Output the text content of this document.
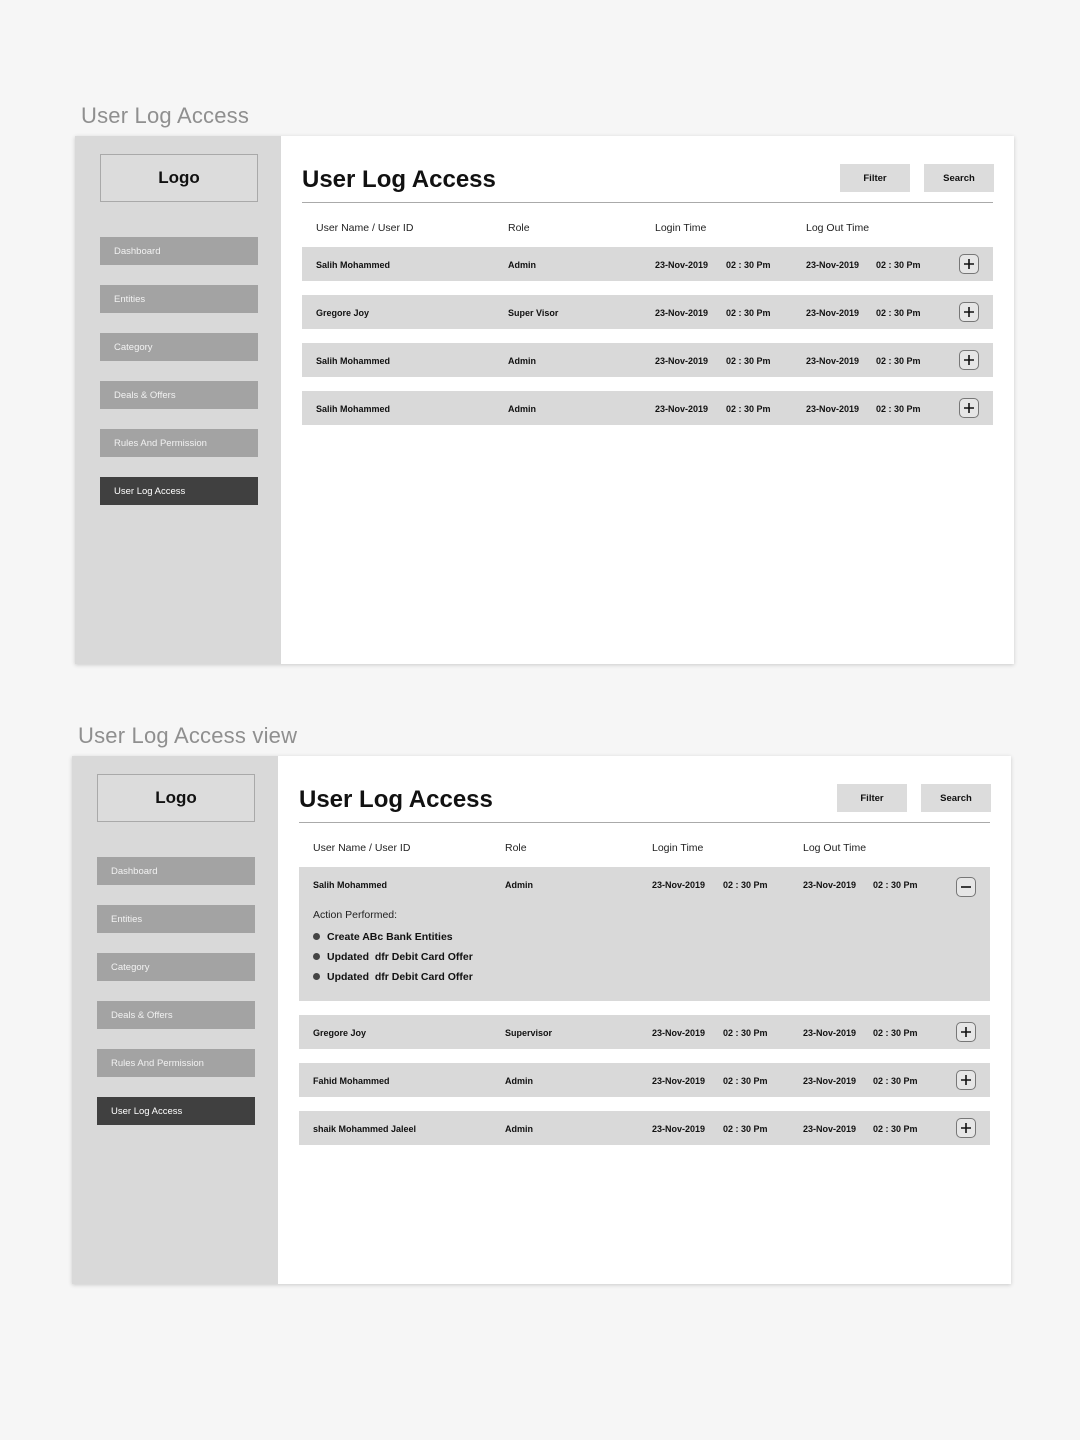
User Log Access
Logo
Dashboard
Entities
Category
Deals & Offers
Rules And Permission
User Log Access
User Log Access	Filter	Search
User Name / User ID	Role	Login Time	Log Out Time
Salih Mohammed	Admin	23-Nov-2019 02 : 30 Pm	23-Nov-2019 02 : 30 Pm
Gregore Joy	Super Visor	23-Nov-2019 02 : 30 Pm	23-Nov-2019 02 : 30 Pm
Salih Mohammed	Admin	23-Nov-2019 02 : 30 Pm	23-Nov-2019 02 : 30 Pm
Salih Mohammed	Admin	23-Nov-2019 02 : 30 Pm	23-Nov-2019 02 : 30 Pm
User Log Access view
Logo
Dashboard
Entities
Category
Deals & Offers
Rules And Permission
User Log Access
User Log Access	Filter	Search
User Name / User ID	Role	Login Time	Log Out Time
Salih Mohammed	Admin	23-Nov-2019 02 : 30 Pm	23-Nov-2019 02 : 30 Pm
Action Performed:
Create ABc Bank Entities
Updated  dfr Debit Card Offer
Updated  dfr Debit Card Offer
Gregore Joy	Supervisor	23-Nov-2019 02 : 30 Pm	23-Nov-2019 02 : 30 Pm
Fahid Mohammed	Admin	23-Nov-2019 02 : 30 Pm	23-Nov-2019 02 : 30 Pm
shaik Mohammed Jaleel	Admin	23-Nov-2019 02 : 30 Pm	23-Nov-2019 02 : 30 Pm
